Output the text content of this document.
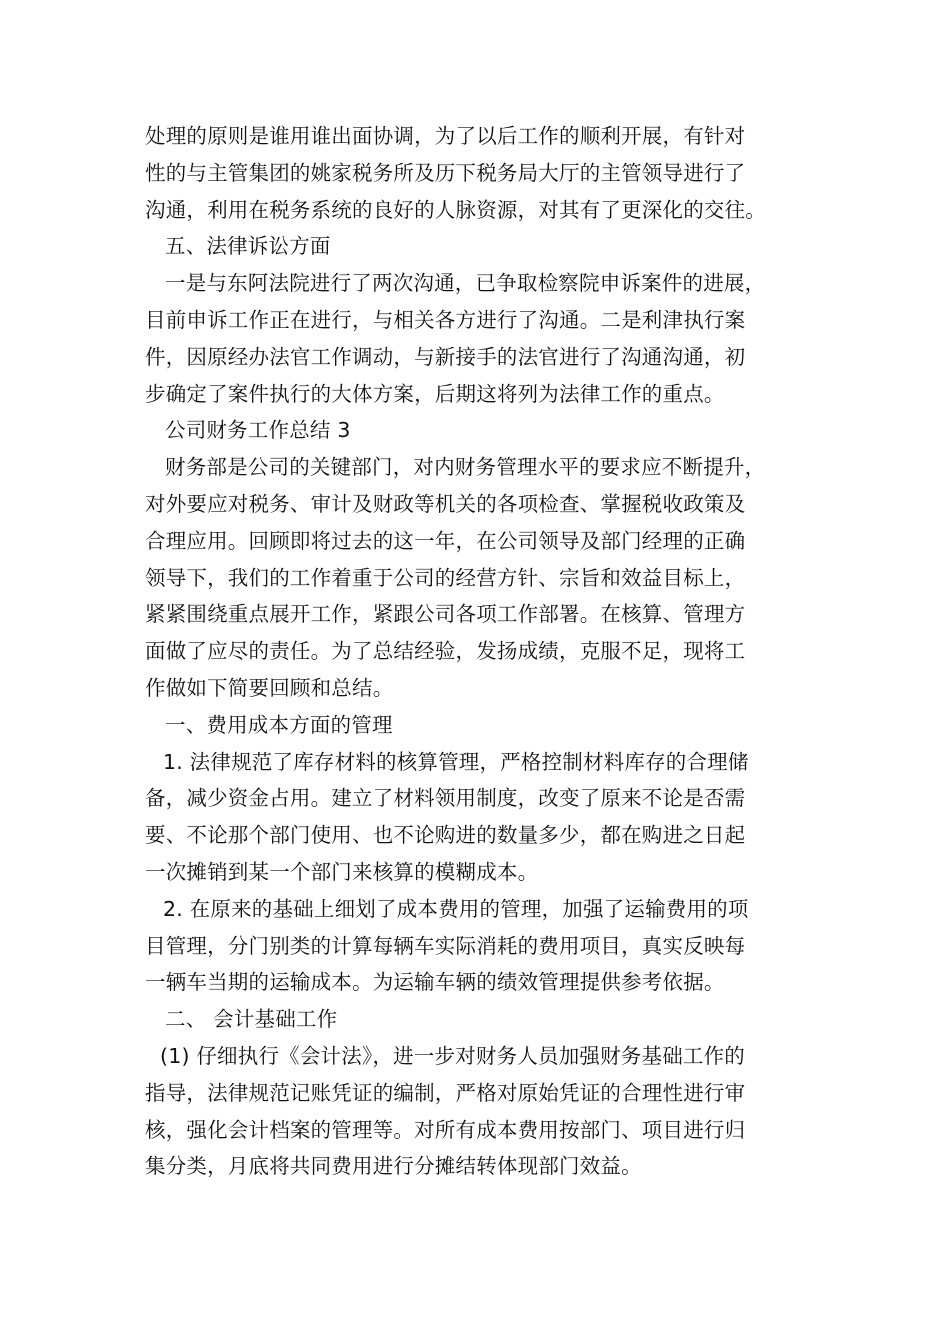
处理的原则是谁用谁出面协调，为了以后工作的顺利开展，有针对
性的与主管集团的姚家税务所及历下税务局大厅的主管领导进行了
沟通，利用在税务系统的良好的人脉资源，对其有了更深化的交往。
五、法律诉讼方面
一是与东阿法院进行了两次沟通，已争取检察院申诉案件的进展，
目前申诉工作正在进行，与相关各方进行了沟通。二是利津执行案
件，因原经办法官工作调动，与新接手的法官进行了沟通沟通，初
步确定了案件执行的大体方案，后期这将列为法律工作的重点。
公司财务工作总结 3
财务部是公司的关键部门，对内财务管理水平的要求应不断提升，
对外要应对税务、审计及财政等机关的各项检查、掌握税收政策及
合理应用。回顾即将过去的这一年，在公司领导及部门经理的正确
领导下，我们的工作着重于公司的经营方针、宗旨和效益目标上，
紧紧围绕重点展开工作，紧跟公司各项工作部署。在核算、管理方
面做了应尽的责任。为了总结经验，发扬成绩，克服不足，现将工
作做如下简要回顾和总结。
一、费用成本方面的管理
1. 法律规范了库存材料的核算管理，严格控制材料库存的合理储
备，减少资金占用。建立了材料领用制度，改变了原来不论是否需
要、不论那个部门使用、也不论购进的数量多少，都在购进之日起
一次摊销到某一个部门来核算的模糊成本。
2. 在原来的基础上细划了成本费用的管理，加强了运输费用的项
目管理，分门别类的计算每辆车实际消耗的费用项目，真实反映每
一辆车当期的运输成本。为运输车辆的绩效管理提供参考依据。
二、 会计基础工作
(1) 仔细执行《会计法》，进一步对财务人员加强财务基础工作的
指导，法律规范记账凭证的编制，严格对原始凭证的合理性进行审
核，强化会计档案的管理等。对所有成本费用按部门、项目进行归
集分类，月底将共同费用进行分摊结转体现部门效益。
